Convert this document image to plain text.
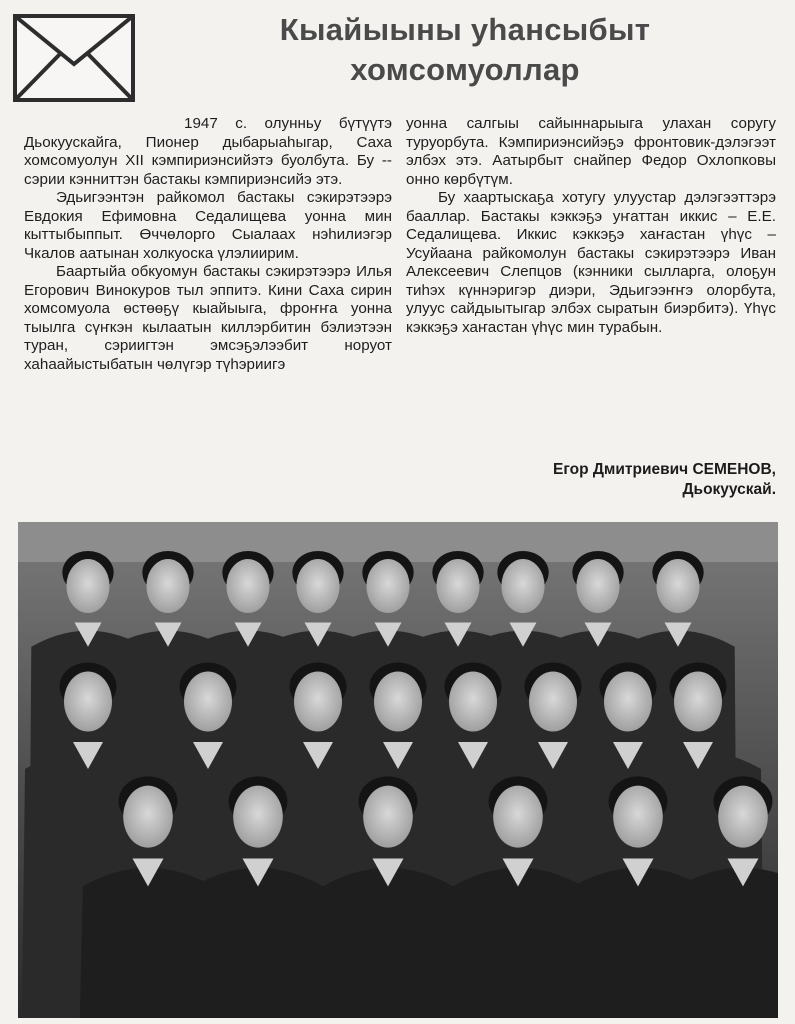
Кыайыыны уһансыбыт
хомсомуоллар

1947 с. олунньу бүтүүтэ Дьокуускайга, Пионер дыбарыаһыгар, Саха хомсомуолун XII кэмпириэнсийэтэ буолбута. Бу -- сэрии кэнниттэн бастакы кэмпириэнсийэ этэ.

Эдьигээнтэн райкомол бастакы сэкирэтээрэ Евдокия Ефимовна Седалищева уонна мин кыттыбыппыт. Өччөлорго Сыалаах нэһилиэгэр Чкалов аатынан холкуоска үлэлиирим.

Баартыйа обкуомун бастакы сэкирэтээрэ Илья Егорович Винокуров тыл эппитэ. Кини Саха сирин хомсомуола өстөөҕү кыайыыга, фроҥҥа уонна тыылга сүҥкэн кылаатын киллэрбитин бэлиэтээн туран, сэриигтэн эмсэҕэлээбит норуот хаһаайыстыбатын чөлүгэр түһэриигэ

уонна салгыы сайыннарыыга улахан соругу туруорбута. Кэмпириэнсийэҕэ фронтовик-дэлэгээт элбэх этэ. Аатырбыт снайпер Федор Охлопковы онно көрбүтүм.

Бу хаартыскаҕа хотугу улуустар дэлэгээттэрэ бааллар. Бастакы кэккэҕэ уҥаттан иккис – Е.Е. Седалищева. Иккис кэккэҕэ хаҥастан үһүс – Усуйаана райкомолун бастакы сэкирэтээрэ Иван Алексеевич Слепцов (кэнники сылларга, олоҕун тиһэх күннэригэр диэри, Эдьигээҥҥэ олорбута, улуус сайдыытыгар элбэх сыратын биэрбитэ). Үһүс кэккэҕэ хаҥастан үһүс мин турабын.

Егор Дмитриевич СЕМЕНОВ,
Дьокуускай.
